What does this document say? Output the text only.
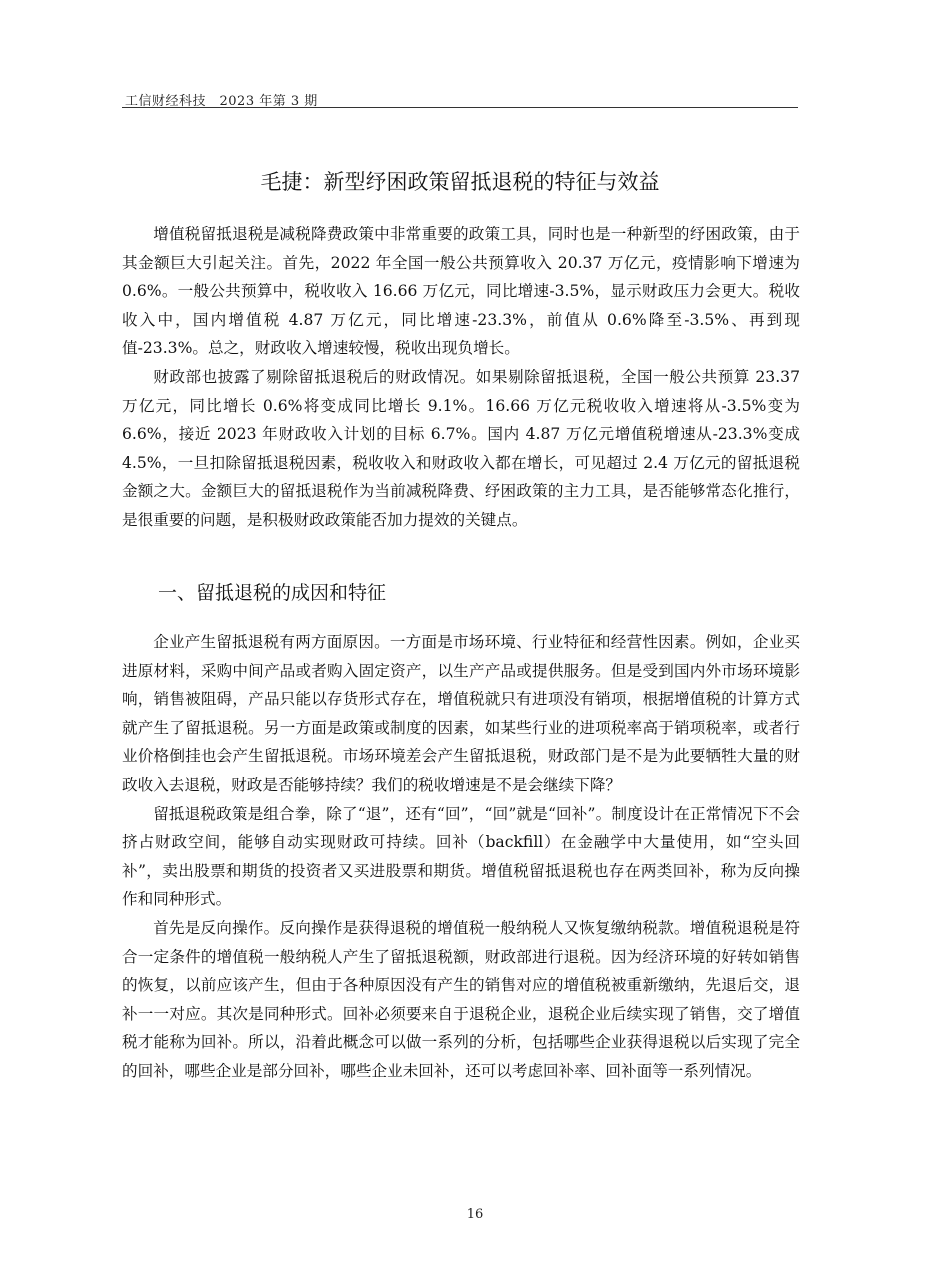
工信财经科技　2023 年第 3 期
毛捷：新型纾困政策留抵退税的特征与效益

增值税留抵退税是减税降费政策中非常重要的政策工具，同时也是一种新型的纾困政策，由于其金额巨大引起关注。首先，2022 年全国一般公共预算收入 20.37 万亿元，疫情影响下增速为 0.6%。一般公共预算中，税收收入 16.66 万亿元，同比增速-3.5%，显示财政压力会更大。税收收入中，国内增值税 4.87 万亿元，同比增速-23.3%，前值从 0.6%降至-3.5%、再到现值-23.3%。总之，财政收入增速较慢，税收出现负增长。

财政部也披露了剔除留抵退税后的财政情况。如果剔除留抵退税，全国一般公共预算 23.37 万亿元，同比增长 0.6%将变成同比增长 9.1%。16.66 万亿元税收收入增速将从-3.5%变为 6.6%，接近 2023 年财政收入计划的目标 6.7%。国内 4.87 万亿元增值税增速从-23.3%变成 4.5%，一旦扣除留抵退税因素，税收收入和财政收入都在增长，可见超过 2.4 万亿元的留抵退税金额之大。金额巨大的留抵退税作为当前减税降费、纾困政策的主力工具，是否能够常态化推行，是很重要的问题，是积极财政政策能否加力提效的关键点。

一、留抵退税的成因和特征

企业产生留抵退税有两方面原因。一方面是市场环境、行业特征和经营性因素。例如，企业买进原材料，采购中间产品或者购入固定资产，以生产产品或提供服务。但是受到国内外市场环境影响，销售被阻碍，产品只能以存货形式存在，增值税就只有进项没有销项，根据增值税的计算方式就产生了留抵退税。另一方面是政策或制度的因素，如某些行业的进项税率高于销项税率，或者行业价格倒挂也会产生留抵退税。市场环境差会产生留抵退税，财政部门是不是为此要牺牲大量的财政收入去退税，财政是否能够持续？我们的税收增速是不是会继续下降？

留抵退税政策是组合拳，除了“退”，还有“回”，“回”就是“回补”。制度设计在正常情况下不会挤占财政空间，能够自动实现财政可持续。回补（backfill）在金融学中大量使用，如“空头回补”，卖出股票和期货的投资者又买进股票和期货。增值税留抵退税也存在两类回补，称为反向操作和同种形式。

首先是反向操作。反向操作是获得退税的增值税一般纳税人又恢复缴纳税款。增值税退税是符合一定条件的增值税一般纳税人产生了留抵退税额，财政部进行退税。因为经济环境的好转如销售的恢复，以前应该产生，但由于各种原因没有产生的销售对应的增值税被重新缴纳，先退后交，退补一一对应。其次是同种形式。回补必须要来自于退税企业，退税企业后续实现了销售，交了增值税才能称为回补。所以，沿着此概念可以做一系列的分析，包括哪些企业获得退税以后实现了完全的回补，哪些企业是部分回补，哪些企业未回补，还可以考虑回补率、回补面等一系列情况。

16
